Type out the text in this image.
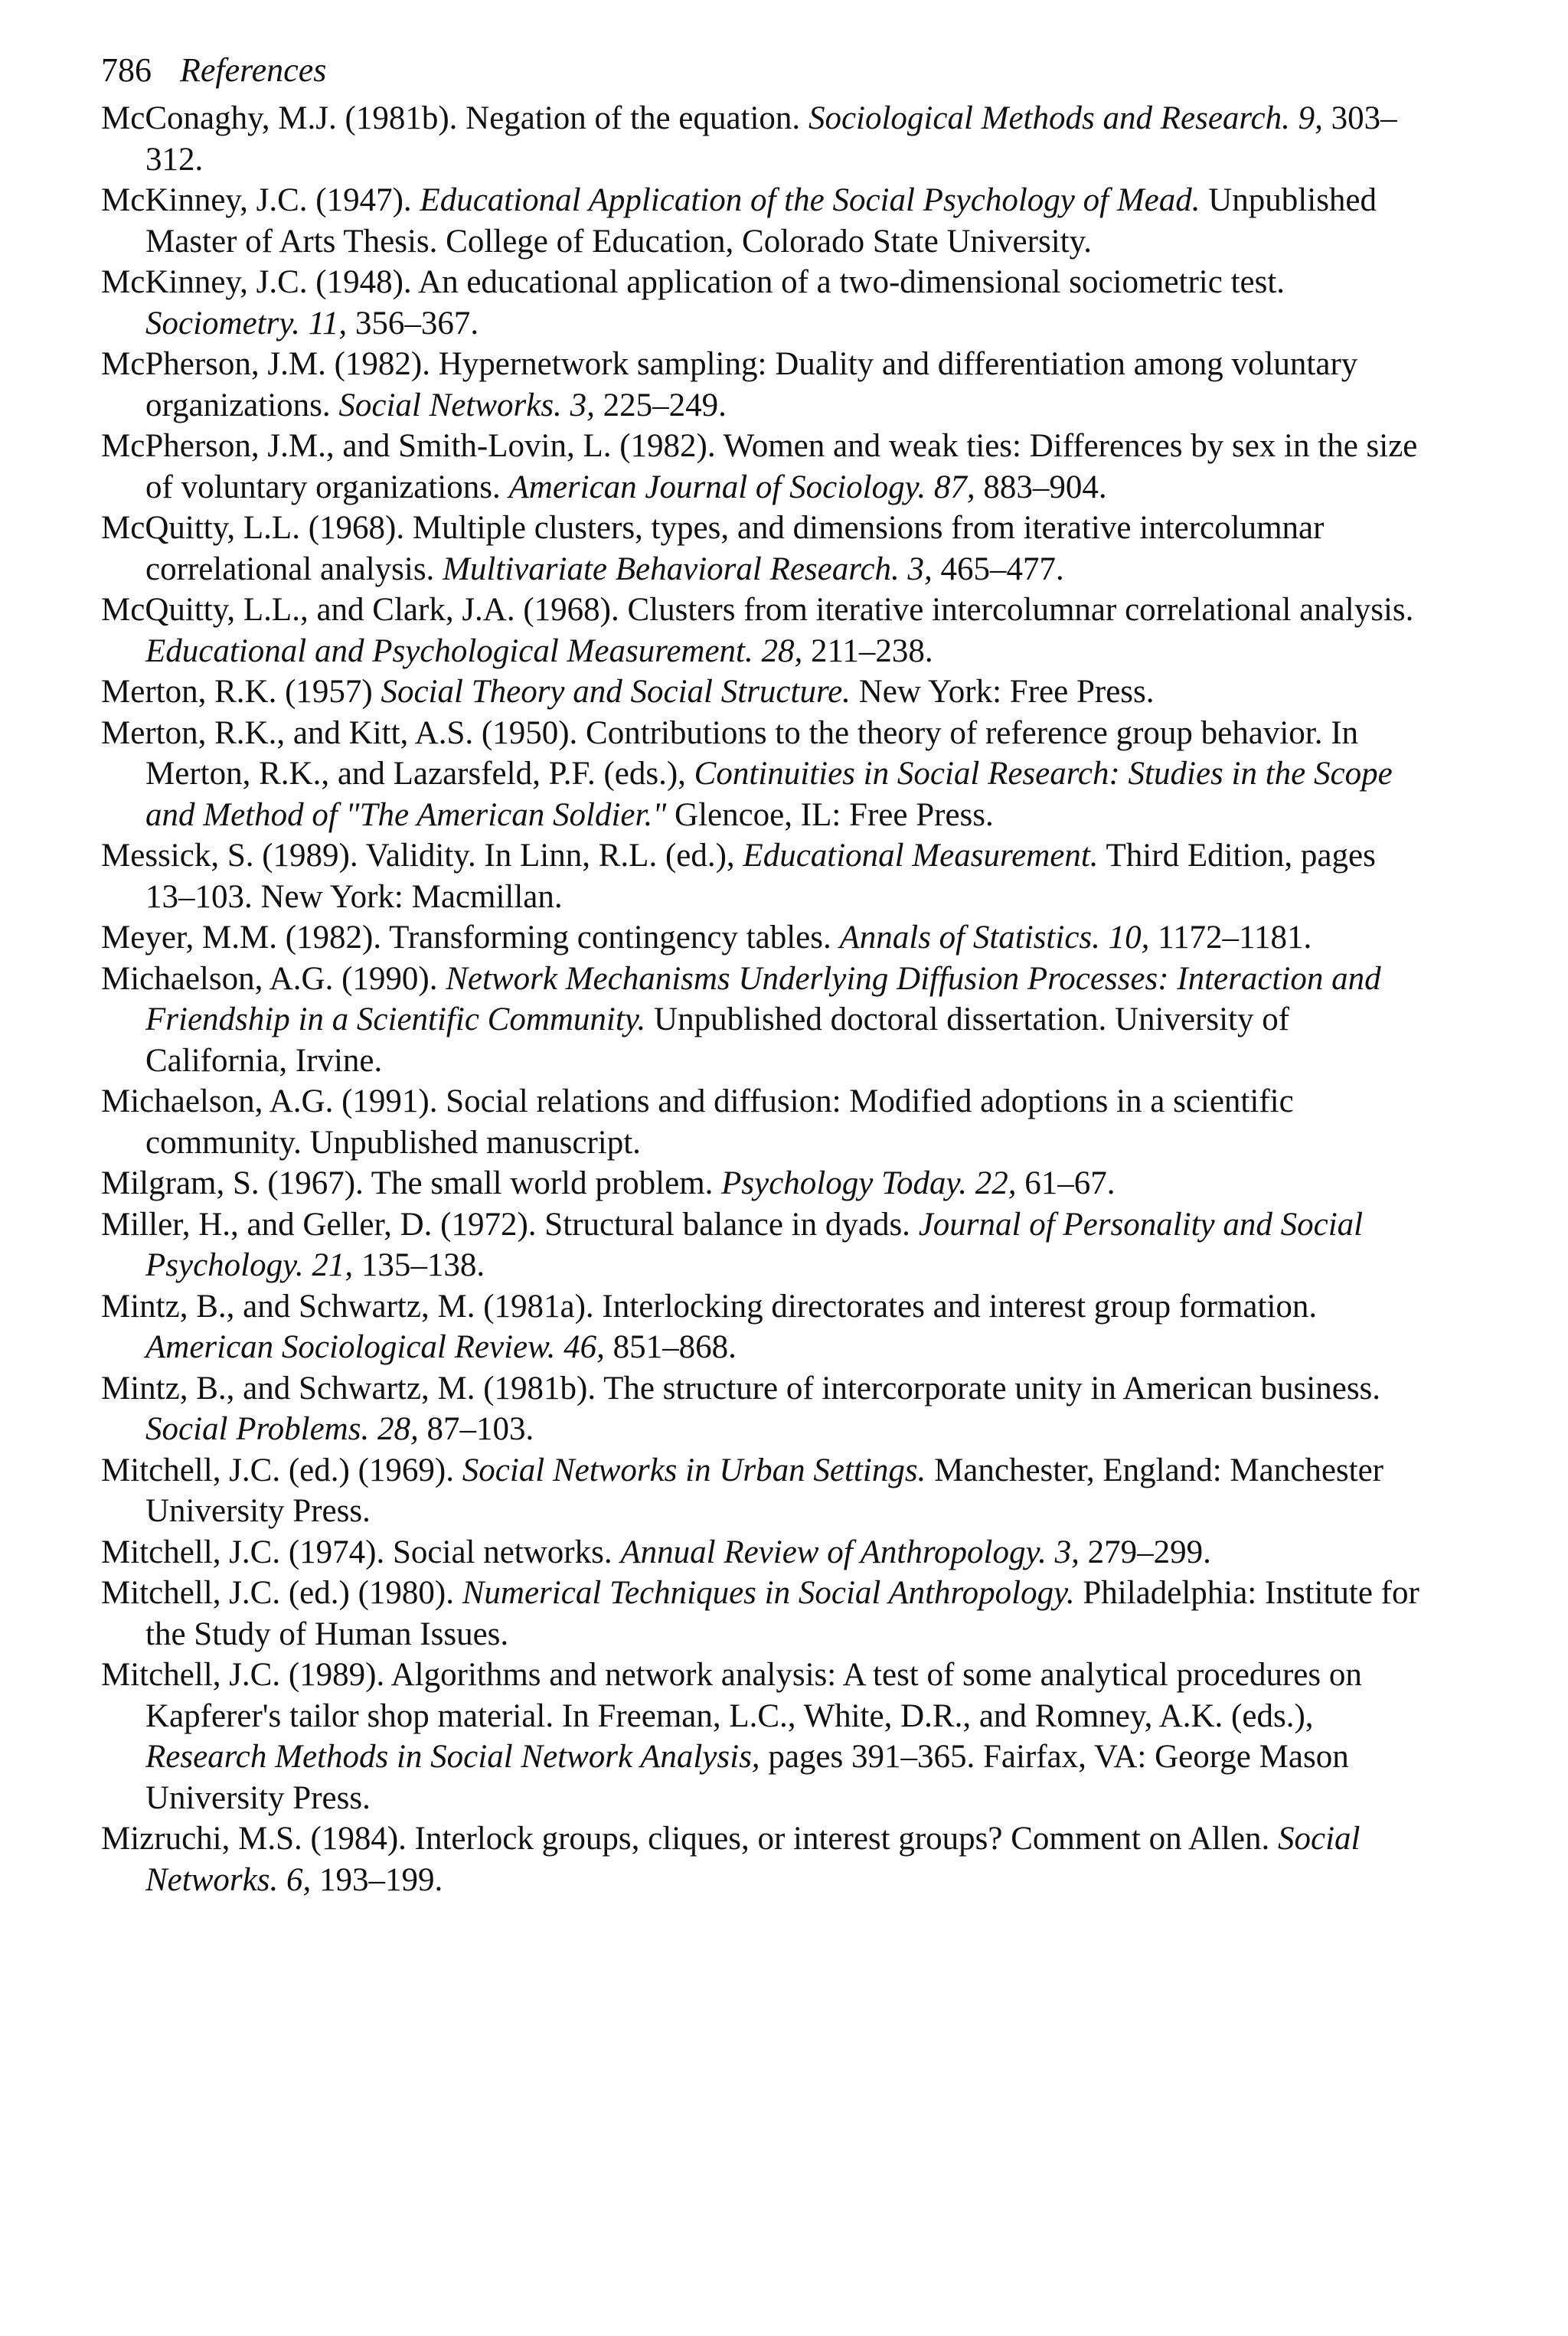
786 References
McConaghy, M.J. (1981b). Negation of the equation. Sociological Methods and Research. 9, 303–312.
McKinney, J.C. (1947). Educational Application of the Social Psychology of Mead. Unpublished Master of Arts Thesis. College of Education, Colorado State University.
McKinney, J.C. (1948). An educational application of a two-dimensional sociometric test. Sociometry. 11, 356–367.
McPherson, J.M. (1982). Hypernetwork sampling: Duality and differentiation among voluntary organizations. Social Networks. 3, 225–249.
McPherson, J.M., and Smith-Lovin, L. (1982). Women and weak ties: Differences by sex in the size of voluntary organizations. American Journal of Sociology. 87, 883–904.
McQuitty, L.L. (1968). Multiple clusters, types, and dimensions from iterative intercolumnar correlational analysis. Multivariate Behavioral Research. 3, 465–477.
McQuitty, L.L., and Clark, J.A. (1968). Clusters from iterative intercolumnar correlational analysis. Educational and Psychological Measurement. 28, 211–238.
Merton, R.K. (1957) Social Theory and Social Structure. New York: Free Press.
Merton, R.K., and Kitt, A.S. (1950). Contributions to the theory of reference group behavior. In Merton, R.K., and Lazarsfeld, P.F. (eds.), Continuities in Social Research: Studies in the Scope and Method of "The American Soldier." Glencoe, IL: Free Press.
Messick, S. (1989). Validity. In Linn, R.L. (ed.), Educational Measurement. Third Edition, pages 13–103. New York: Macmillan.
Meyer, M.M. (1982). Transforming contingency tables. Annals of Statistics. 10, 1172–1181.
Michaelson, A.G. (1990). Network Mechanisms Underlying Diffusion Processes: Interaction and Friendship in a Scientific Community. Unpublished doctoral dissertation. University of California, Irvine.
Michaelson, A.G. (1991). Social relations and diffusion: Modified adoptions in a scientific community. Unpublished manuscript.
Milgram, S. (1967). The small world problem. Psychology Today. 22, 61–67.
Miller, H., and Geller, D. (1972). Structural balance in dyads. Journal of Personality and Social Psychology. 21, 135–138.
Mintz, B., and Schwartz, M. (1981a). Interlocking directorates and interest group formation. American Sociological Review. 46, 851–868.
Mintz, B., and Schwartz, M. (1981b). The structure of intercorporate unity in American business. Social Problems. 28, 87–103.
Mitchell, J.C. (ed.) (1969). Social Networks in Urban Settings. Manchester, England: Manchester University Press.
Mitchell, J.C. (1974). Social networks. Annual Review of Anthropology. 3, 279–299.
Mitchell, J.C. (ed.) (1980). Numerical Techniques in Social Anthropology. Philadelphia: Institute for the Study of Human Issues.
Mitchell, J.C. (1989). Algorithms and network analysis: A test of some analytical procedures on Kapferer's tailor shop material. In Freeman, L.C., White, D.R., and Romney, A.K. (eds.), Research Methods in Social Network Analysis, pages 391–365. Fairfax, VA: George Mason University Press.
Mizruchi, M.S. (1984). Interlock groups, cliques, or interest groups? Comment on Allen. Social Networks. 6, 193–199.
